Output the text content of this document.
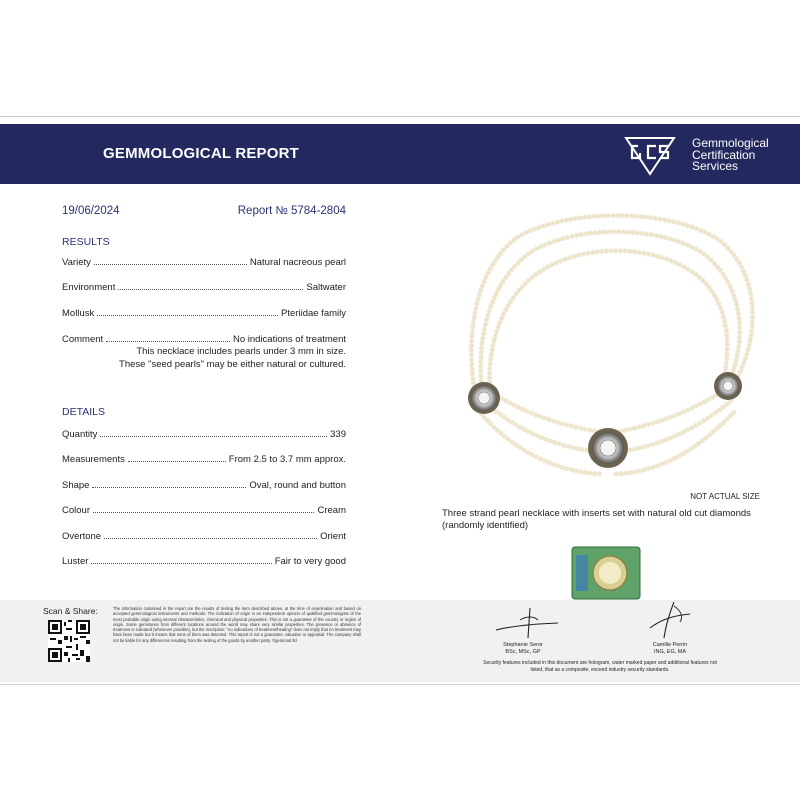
GEMMOLOGICAL REPORT
Gemmological
Certification
Services
19/06/2024	Report № 5784-2804
RESULTS
Variety	Natural nacreous pearl
Environment	Saltwater
Mollusk	Pteriidae family
Comment	No indications of treatment
This necklace includes pearls under 3 mm in size.
These "seed pearls" may be either natural or cultured.
DETAILS
Quantity	339
Measurements	From 2.5 to 3.7 mm approx.
Shape	Oval, round and button
Colour	Cream
Overtone	Orient
Luster	Fair to very good
NOT ACTUAL SIZE
Three strand pearl necklace with inserts set with natural old cut diamonds (randomly identified)
Scan & Share:	The information contained in the report are the results of testing the item described above, at the time of examination and based on accepted gemmological instruments and methods. The indication of origin is an independent opinion of qualified gemmologists of the most probable origin using internal characteristics, chemical and physical properties. This is not a guarantee of the country or region of origin. Some gemstones from different locations around the world may share very similar properties. The presence or absence of treatment is indicated (whenever possible), but the inscription: "no indications of treatment/heating" does not imply that no treatment may have been made but it means that none of them was detected. This report is not a guarantee, valuation or appraisal. The company shall not be liable for any differences resulting from the testing of the goods by another party. ©gemrood ltd
Stephanie Seror
BSc, MSc, GP
Camille Perrin
ING, EG, MA
Security features included in this document are hologram, water marked paper and additional features not listed, that as a composite, exceed industry security standards.
